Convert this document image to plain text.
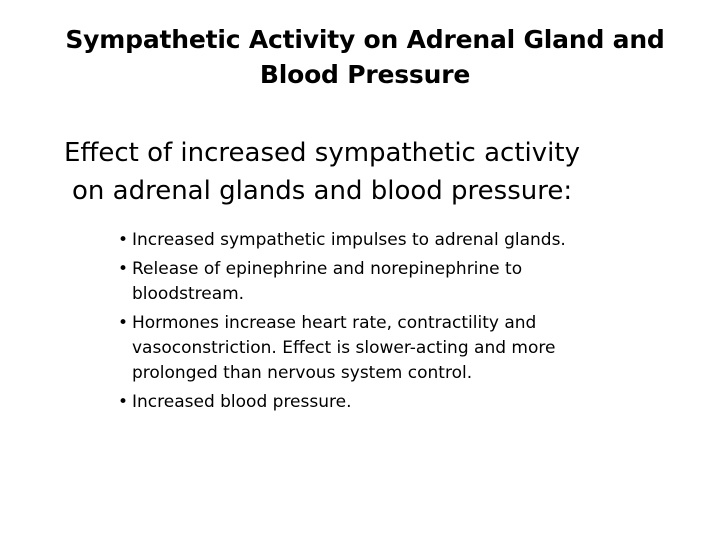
Sympathetic Activity on Adrenal Gland and
Blood Pressure
Effect of increased sympathetic activity
on adrenal glands and blood pressure:
• Increased sympathetic impulses to adrenal glands.
• Release of epinephrine and norepinephrine to
bloodstream.
• Hormones increase heart rate, contractility and
vasoconstriction. Effect is slower-acting and more
prolonged than nervous system control.
• Increased blood pressure.
